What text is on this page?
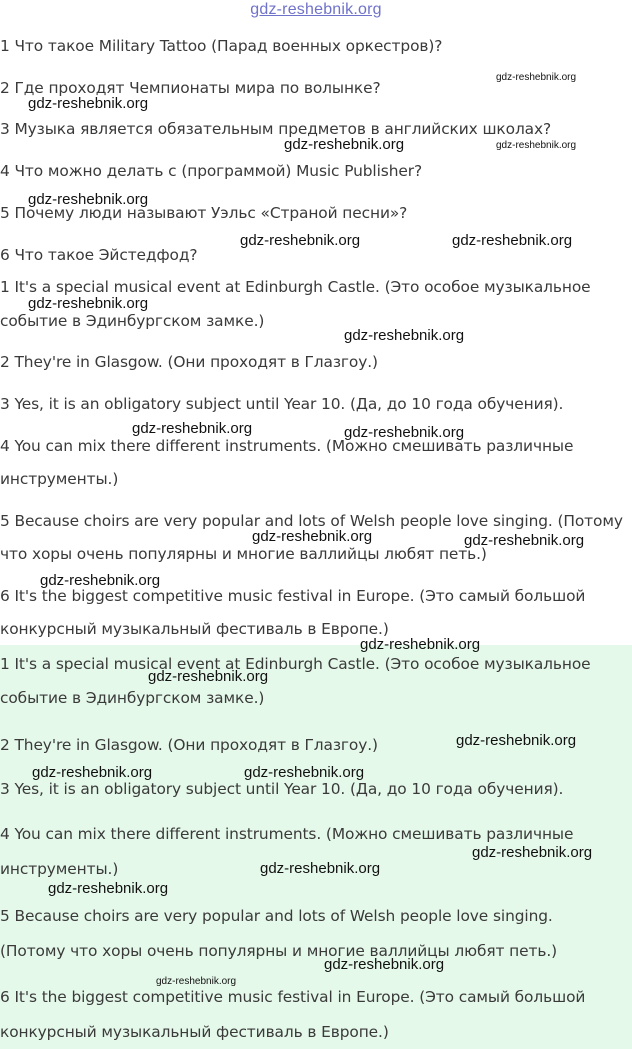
gdz-reshebnik.org
1 Что такое Military Tattoo (Парад военных оркестров)?
2 Где проходят Чемпионаты мира по волынке?
3 Музыка является обязательным предметов в английских школах?
4 Что можно делать с (программой) Music Publisher?
5 Почему люди называют Уэльс «Страной песни»?
6 Что такое Эйстедфод?
1 It's a special musical event at Edinburgh Castle. (Это особое музыкальное
событие в Эдинбургском замке.)
2 They're in Glasgow. (Они проходят в Глазгоу.)
3 Yes, it is an obligatory subject until Year 10. (Да, до 10 года обучения).
4 You can mix there different instruments. (Можно смешивать различные
инструменты.)
5 Because choirs are very popular and lots of Welsh people love singing. (Потому
что хоры очень популярны и многие валлийцы любят петь.)
6 It's the biggest competitive music festival in Europe. (Это самый большой
конкурсный музыкальный фестиваль в Европе.)
1 It's a special musical event at Edinburgh Castle. (Это особое музыкальное
событие в Эдинбургском замке.)
2 They're in Glasgow. (Они проходят в Глазгоу.)
3 Yes, it is an obligatory subject until Year 10. (Да, до 10 года обучения).
4 You can mix there different instruments. (Можно смешивать различные
инструменты.)
5 Because choirs are very popular and lots of Welsh people love singing.
(Потому что хоры очень популярны и многие валлийцы любят петь.)
6 It's the biggest competitive music festival in Europe. (Это самый большой
конкурсный музыкальный фестиваль в Европе.)
gdz-reshebnik.org
gdz-reshebnik.org
gdz-reshebnik.org	gdz-reshebnik.org
gdz-reshebnik.org
gdz-reshebnik.org	gdz-reshebnik.org
gdz-reshebnik.org
gdz-reshebnik.org
gdz-reshebnik.org	gdz-reshebnik.org
gdz-reshebnik.org	gdz-reshebnik.org
gdz-reshebnik.org
gdz-reshebnik.org
gdz-reshebnik.org
gdz-reshebnik.org
gdz-reshebnik.org	gdz-reshebnik.org
gdz-reshebnik.org
gdz-reshebnik.org
gdz-reshebnik.org
gdz-reshebnik.org
gdz-reshebnik.org
